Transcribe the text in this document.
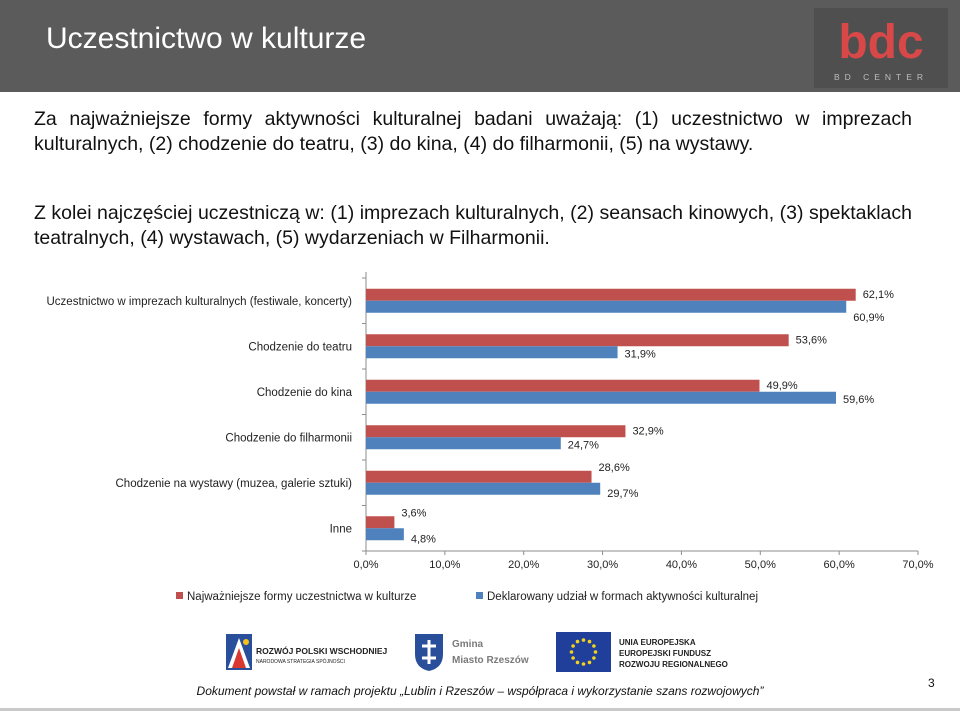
Uczestnictwo w kulturze	bdc
BD CENTER
Za najważniejsze formy aktywności kulturalnej badani uważają: (1) uczestnictwo w imprezach kulturalnych, (2) chodzenie do teatru, (3) do kina, (4) do filharmonii, (5) na wystawy.
Z kolei najczęściej uczestniczą w: (1) imprezach kulturalnych, (2) seansach kinowych, (3) spektaklach teatralnych, (4) wystawach, (5) wydarzeniach w Filharmonii.
0,0%	10,0%	20,0%	30,0%	40,0%	50,0%	60,0%	70,0%
Uczestnictwo w imprezach kulturalnych (festiwale, koncerty)
62,1%
60,9%
Chodzenie do teatru
53,6%
31,9%
Chodzenie do kina
49,9%
59,6%
Chodzenie do filharmonii
32,9%
24,7%
Chodzenie na wystawy (muzea, galerie sztuki)
28,6%
29,7%
Inne
3,6%
4,8%
Najważniejsze formy uczestnictwa w kulturze	Deklarowany udział w formach aktywności kulturalnej
ROZWÓJ POLSKI WSCHODNIEJ
NARODOWA STRATEGIA SPÓJNOŚCI
Gmina
Miasto Rzeszów
UNIA EUROPEJSKA
EUROPEJSKI FUNDUSZ
ROZWOJU REGIONALNEGO
Dokument powstał w ramach projektu „Lublin i Rzeszów – współpraca i wykorzystanie szans rozwojowych”
3
